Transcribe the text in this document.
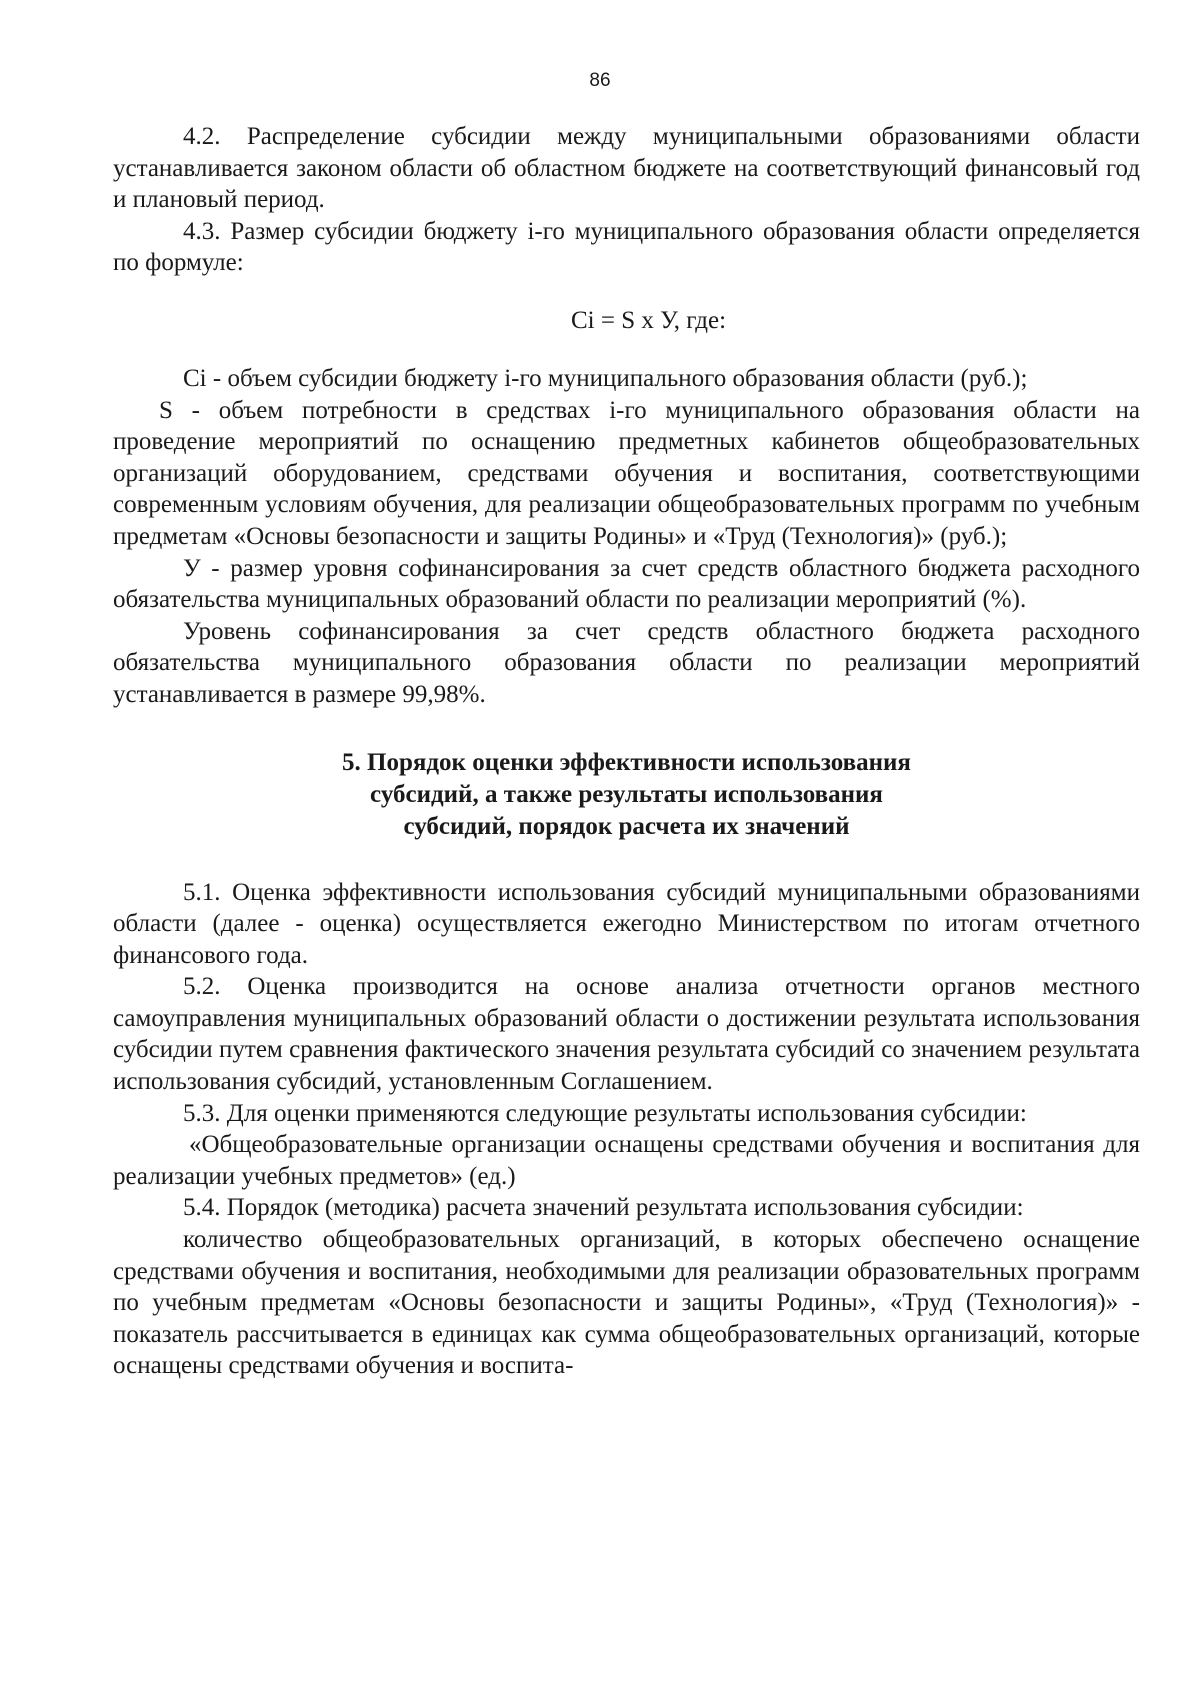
86

4.2. Распределение субсидии между муниципальными образованиями области устанавливается законом области об областном бюджете на соответствующий финансовый год и плановый период.

4.3. Размер субсидии бюджету i-го муниципального образования области определяется по формуле:

Ci = S x У, где:

Ci - объем субсидии бюджету i-го муниципального образования области (руб.);

S - объем потребности в средствах i-го муниципального образования области на проведение мероприятий по оснащению предметных кабинетов общеобразовательных организаций оборудованием, средствами обучения и воспитания, соответствующими современным условиям обучения, для реализации общеобразовательных программ по учебным предметам «Основы безопасности и защиты Родины» и «Труд (Технология)» (руб.);

У - размер уровня софинансирования за счет средств областного бюджета расходного обязательства муниципальных образований области по реализации мероприятий (%).

Уровень софинансирования за счет средств областного бюджета расходного обязательства муниципального образования области по реализации мероприятий устанавливается в размере 99,98%.

5. Порядок оценки эффективности использования
субсидий, а также результаты использования
субсидий, порядок расчета их значений

5.1. Оценка эффективности использования субсидий муниципальными образованиями области (далее - оценка) осуществляется ежегодно Министерством по итогам отчетного финансового года.

5.2. Оценка производится на основе анализа отчетности органов местного самоуправления муниципальных образований области о достижении результата использования субсидии путем сравнения фактического значения результата субсидий со значением результата использования субсидий, установленным Соглашением.

5.3. Для оценки применяются следующие результаты использования субсидии:

«Общеобразовательные организации оснащены средствами обучения и воспитания для реализации учебных предметов» (ед.)

5.4. Порядок (методика) расчета значений результата использования субсидии:

количество общеобразовательных организаций, в которых обеспечено оснащение средствами обучения и воспитания, необходимыми для реализации образовательных программ по учебным предметам «Основы безопасности и защиты Родины», «Труд (Технология)» - показатель рассчитывается в единицах как сумма общеобразовательных организаций, которые оснащены средствами обучения и воспита-
